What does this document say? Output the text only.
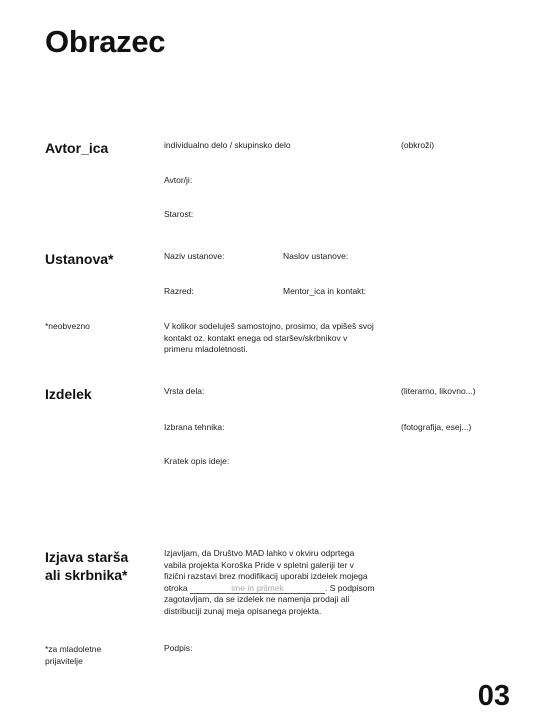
Obrazec
Avtor_ica	individualno delo / skupinsko delo	(obkroži)
Avtor/ji:
Starost:
Ustanova*	Naziv ustanove:	Naslov ustanove:
Razred:	Mentor_ica in kontakt:
*neobvezno	V kolikor sodeluješ samostojno, prosimo, da vpišeš svoj
kontakt oz. kontakt enega od staršev/skrbnikov v
primeru mladoletnosti.
Izdelek	Vrsta dela:	(literarno, likovno...)
Izbrana tehnika:	(fotografija, esej...)
Kratek opis ideje:
Izjava starša
ali skrbnika*
Izjavljam, da Društvo MAD lahko v okviru odprtega
vabila projekta Koroška Pride v spletni galeriji ter v
fizični razstavi brez modifikacij uporabi izdelek mojega
otroka	ime in priimek	. S podpisom
zagotavljam, da se izdelek ne namenja prodaji ali
distribuciji zunaj meja opisanega projekta.
*za mladoletne
prijavitelje
Podpis:
03
